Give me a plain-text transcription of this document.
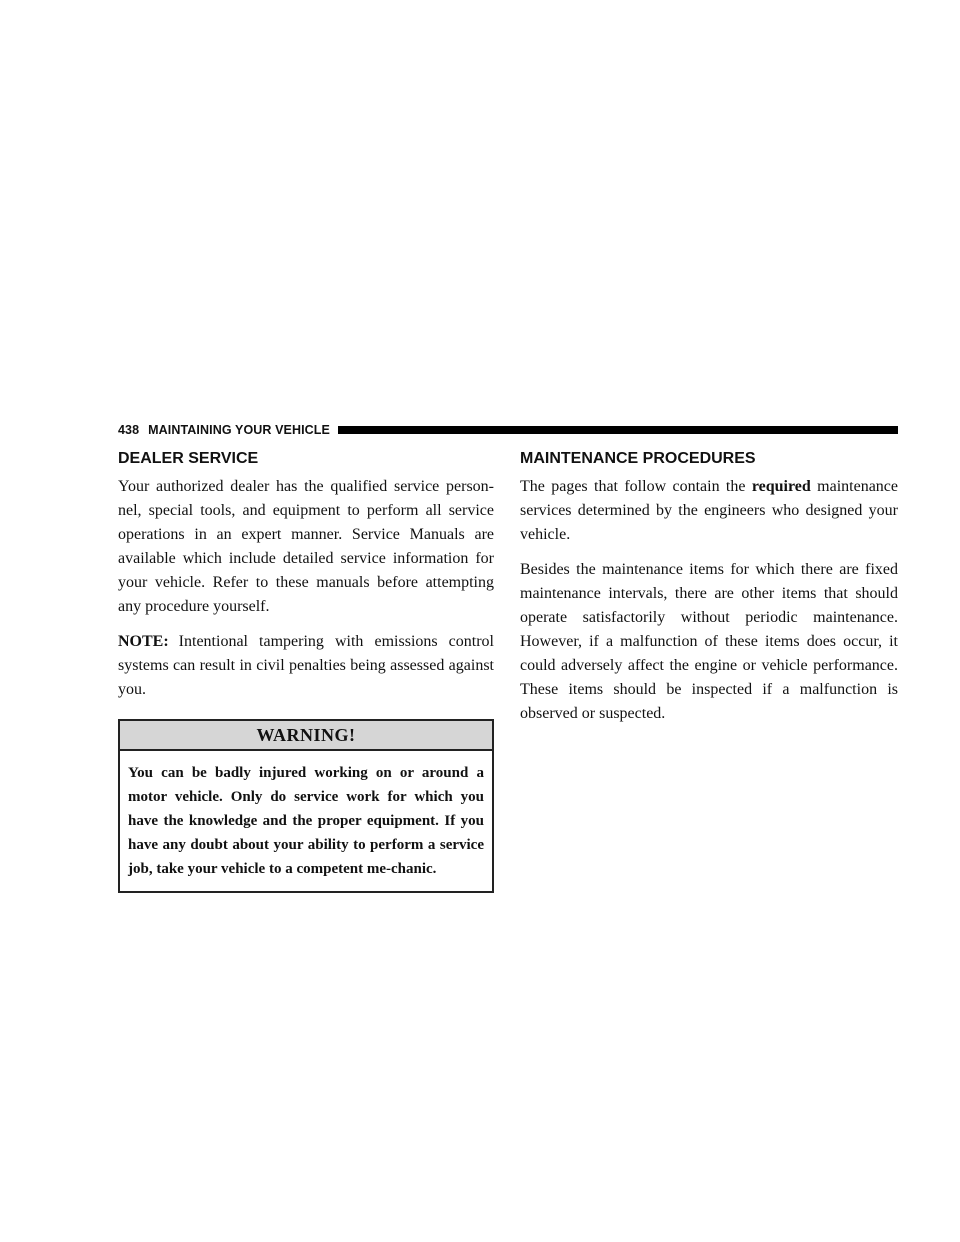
438 MAINTAINING YOUR VEHICLE
DEALER SERVICE

Your authorized dealer has the qualified service person-nel, special tools, and equipment to perform all service operations in an expert manner. Service Manuals are available which include detailed service information for your vehicle. Refer to these manuals before attempting any procedure yourself.

NOTE: Intentional tampering with emissions control systems can result in civil penalties being assessed against you.

WARNING!
You can be badly injured working on or around a motor vehicle. Only do service work for which you have the knowledge and the proper equipment. If you have any doubt about your ability to perform a service job, take your vehicle to a competent me-chanic.
MAINTENANCE PROCEDURES

The pages that follow contain the required maintenance services determined by the engineers who designed your vehicle.

Besides the maintenance items for which there are fixed maintenance intervals, there are other items that should operate satisfactorily without periodic maintenance. However, if a malfunction of these items does occur, it could adversely affect the engine or vehicle performance. These items should be inspected if a malfunction is observed or suspected.
